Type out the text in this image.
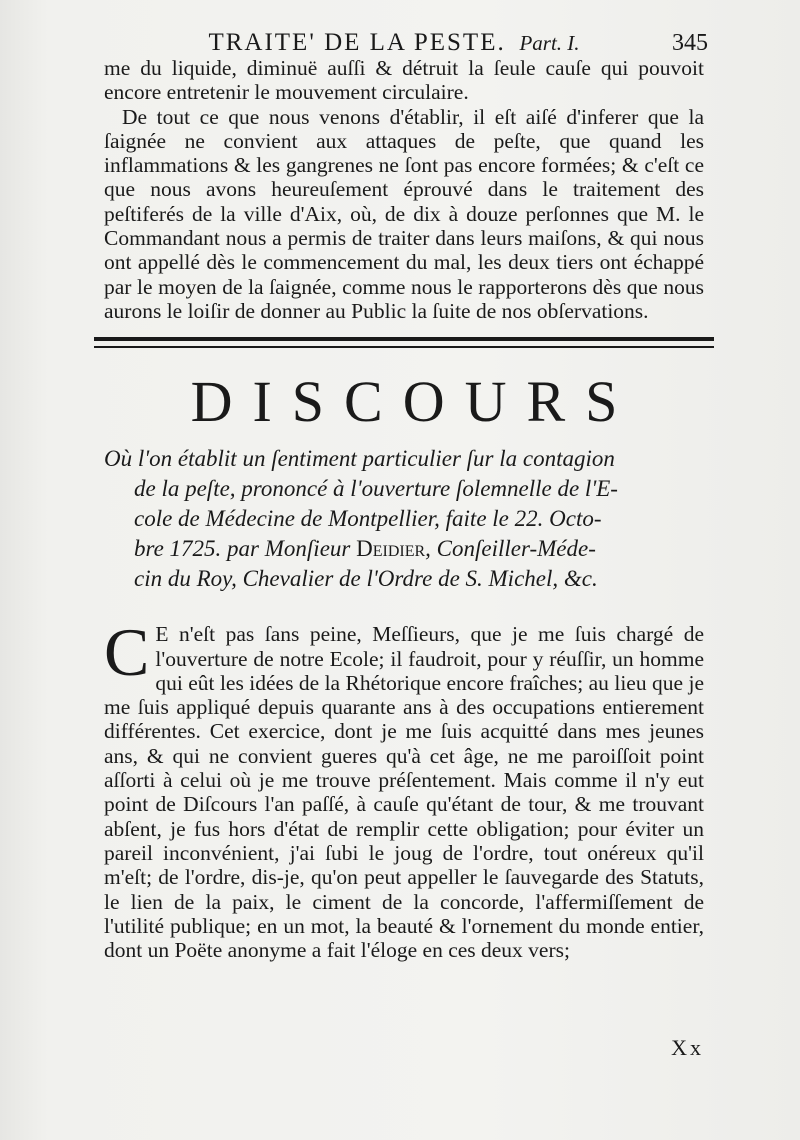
TRAITE' DE LA PESTE. Part. I.	345

me du liquide, diminuë auſſi & détruit la ſeule cauſe qui pouvoit encore entretenir le mouvement circulaire.

De tout ce que nous venons d'établir, il eſt aiſé d'inferer que la ſaignée ne convient aux attaques de peſte, que quand les inflammations & les gangrenes ne ſont pas encore formées; & c'eſt ce que nous avons heureuſement éprouvé dans le traitement des peſtiferés de la ville d'Aix, où, de dix à douze perſonnes que M. le Commandant nous a permis de traiter dans leurs maiſons, & qui nous ont appellé dès le commencement du mal, les deux tiers ont échappé par le moyen de la ſaignée, comme nous le rapporterons dès que nous aurons le loiſir de donner au Public la ſuite de nos obſervations.

DISCOURS
Où l'on établit un ſentiment particulier ſur la contagion
de la peſte, prononcé à l'ouverture ſolemnelle de l'E-
cole de Médecine de Montpellier, faite le 22. Octo-
bre 1725. par Monſieur Deidier, Conſeiller-Méde-
cin du Roy, Chevalier de l'Ordre de S. Michel, &c.
C E n'eſt pas ſans peine, Meſſieurs, que je me ſuis chargé de l'ouverture de notre Ecole; il faudroit, pour y réuſſir, un homme qui eût les idées de la Rhétorique encore fraîches; au lieu que je me ſuis appliqué depuis quarante ans à des occupations entierement différentes. Cet exercice, dont je me ſuis acquitté dans mes jeunes ans, & qui ne convient gueres qu'à cet âge, ne me paroiſſoit point aſſorti à celui où je me trouve préſentement. Mais comme il n'y eut point de Diſcours l'an paſſé, à cauſe qu'étant de tour, & me trouvant abſent, je fus hors d'état de remplir cette obligation; pour éviter un pareil inconvénient, j'ai ſubi le joug de l'ordre, tout onéreux qu'il m'eſt; de l'ordre, dis-je, qu'on peut appeller le ſauvegarde des Statuts, le lien de la paix, le ciment de la concorde, l'affermiſſement de l'utilité publique; en un mot, la beauté & l'ornement du monde entier, dont un Poëte anonyme a fait l'éloge en ces deux vers;
Xx
